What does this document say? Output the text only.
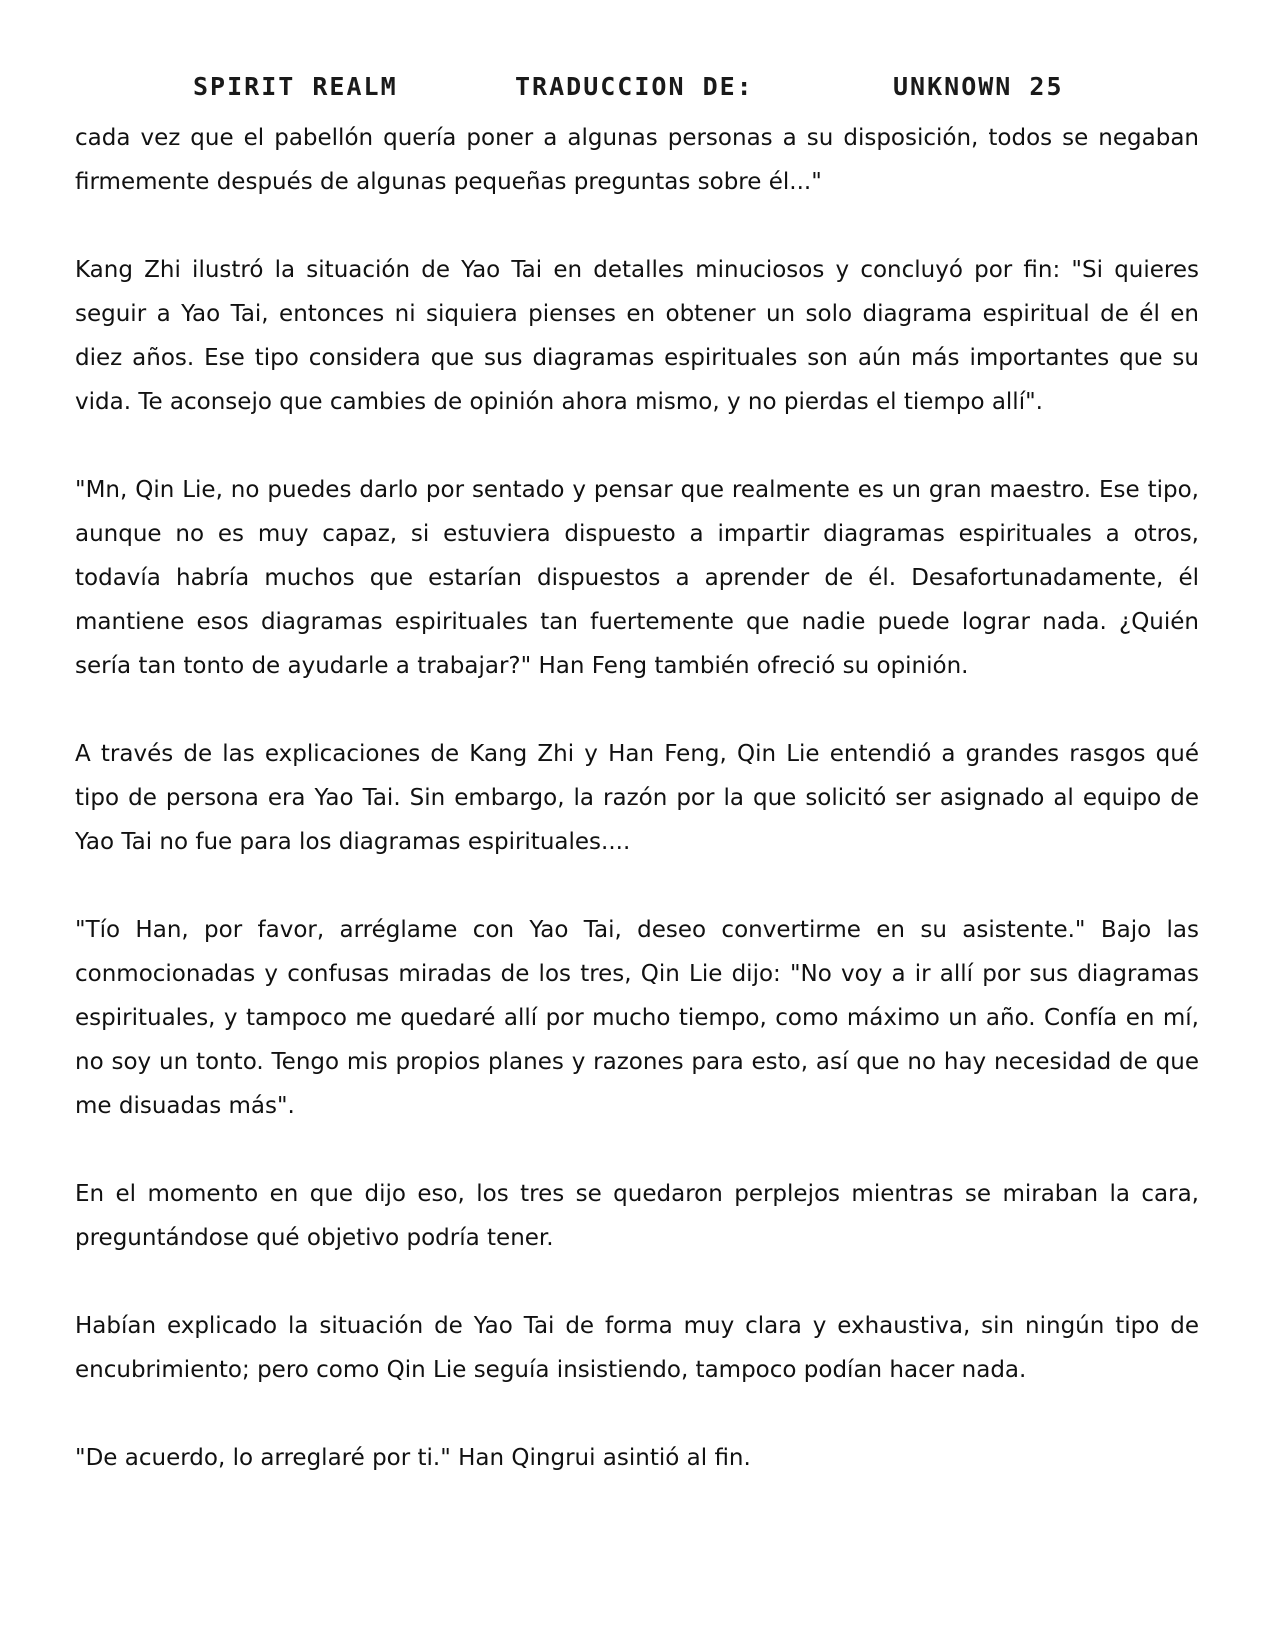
SPIRIT REALM	TRADUCCION DE:	UNKNOWN 25

cada vez que el pabellón quería poner a algunas personas a su disposición, todos se negaban firmemente después de algunas pequeñas preguntas sobre él..."

Kang Zhi ilustró la situación de Yao Tai en detalles minuciosos y concluyó por fin: "Si quieres seguir a Yao Tai, entonces ni siquiera pienses en obtener un solo diagrama espiritual de él en diez años. Ese tipo considera que sus diagramas espirituales son aún más importantes que su vida. Te aconsejo que cambies de opinión ahora mismo, y no pierdas el tiempo allí".

"Mn, Qin Lie, no puedes darlo por sentado y pensar que realmente es un gran maestro. Ese tipo, aunque no es muy capaz, si estuviera dispuesto a impartir diagramas espirituales a otros, todavía habría muchos que estarían dispuestos a aprender de él. Desafortunadamente, él mantiene esos diagramas espirituales tan fuertemente que nadie puede lograr nada. ¿Quién sería tan tonto de ayudarle a trabajar?" Han Feng también ofreció su opinión.

A través de las explicaciones de Kang Zhi y Han Feng, Qin Lie entendió a grandes rasgos qué tipo de persona era Yao Tai. Sin embargo, la razón por la que solicitó ser asignado al equipo de Yao Tai no fue para los diagramas espirituales....

"Tío Han, por favor, arréglame con Yao Tai, deseo convertirme en su asistente." Bajo las conmocionadas y confusas miradas de los tres, Qin Lie dijo: "No voy a ir allí por sus diagramas espirituales, y tampoco me quedaré allí por mucho tiempo, como máximo un año. Confía en mí, no soy un tonto. Tengo mis propios planes y razones para esto, así que no hay necesidad de que me disuadas más".

En el momento en que dijo eso, los tres se quedaron perplejos mientras se miraban la cara, preguntándose qué objetivo podría tener.

Habían explicado la situación de Yao Tai de forma muy clara y exhaustiva, sin ningún tipo de encubrimiento; pero como Qin Lie seguía insistiendo, tampoco podían hacer nada.

"De acuerdo, lo arreglaré por ti." Han Qingrui asintió al fin.
